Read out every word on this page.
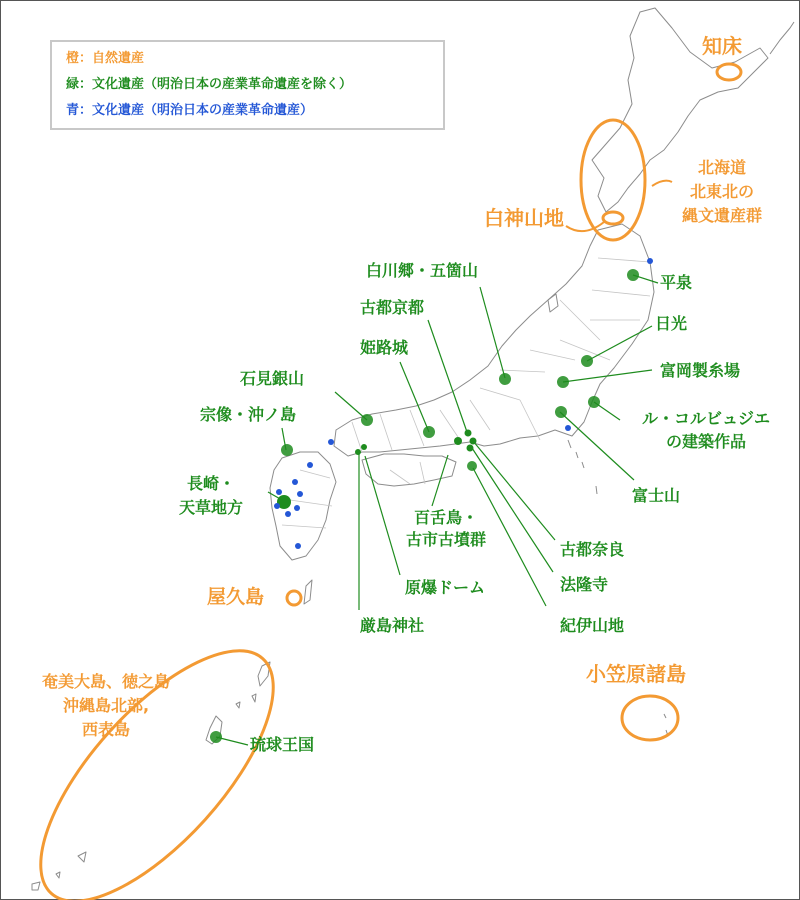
橙：自然遺産
緑：文化遺産（明治日本の産業革命遺産を除く）
青：文化遺産（明治日本の産業革命遺産）
知床
北海道
北東北の
縄文遺産群
白神山地
屋久島
小笠原諸島
奄美大島、徳之島
沖縄島北部,
西表島
白川郷・五箇山
古都京都
姫路城
石見銀山
宗像・沖ノ島
長崎・
天草地方
平泉
日光
富岡製糸場
ル・コルビュジエ
の建築作品
富士山
百舌鳥・
古市古墳群
古都奈良
法隆寺
原爆ドーム
紀伊山地
厳島神社
琉球王国
